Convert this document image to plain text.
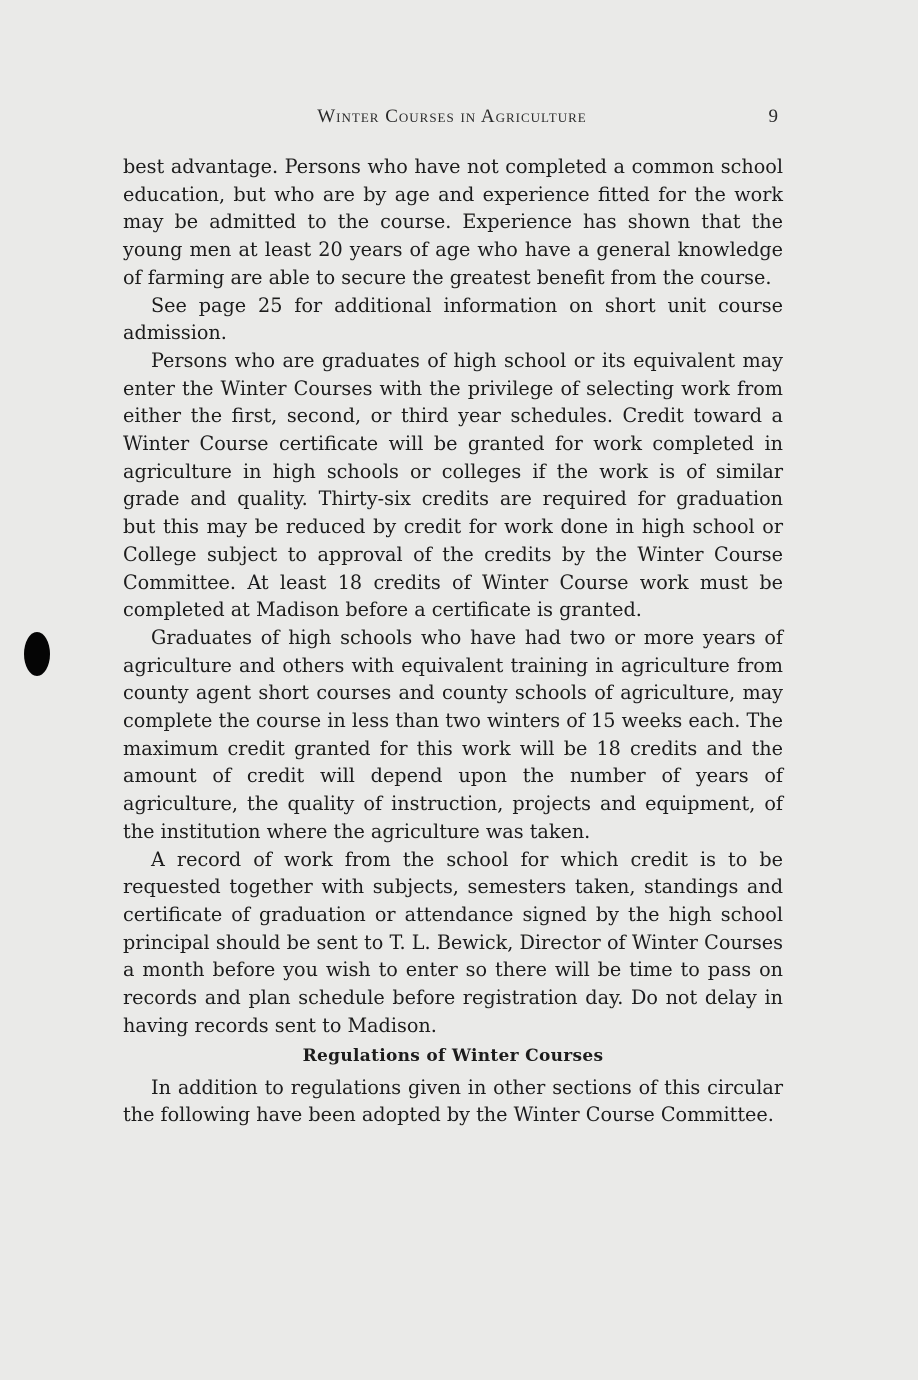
Winter Courses in Agriculture	9

best advantage. Persons who have not completed a common school education, but who are by age and experience fitted for the work may be admitted to the course. Experience has shown that the young men at least 20 years of age who have a general knowledge of farming are able to secure the greatest benefit from the course.

See page 25 for additional information on short unit course admission.

Persons who are graduates of high school or its equivalent may enter the Winter Courses with the privilege of selecting work from either the first, second, or third year schedules. Credit toward a Winter Course certificate will be granted for work completed in agriculture in high schools or colleges if the work is of similar grade and quality. Thirty-six credits are required for graduation but this may be reduced by credit for work done in high school or College subject to approval of the credits by the Winter Course Committee. At least 18 credits of Winter Course work must be completed at Madison before a certificate is granted.

Graduates of high schools who have had two or more years of agriculture and others with equivalent training in agriculture from county agent short courses and county schools of agriculture, may complete the course in less than two winters of 15 weeks each. The maximum credit granted for this work will be 18 credits and the amount of credit will depend upon the number of years of agriculture, the quality of instruction, projects and equipment, of the institution where the agriculture was taken.

A record of work from the school for which credit is to be requested together with subjects, semesters taken, standings and certificate of graduation or attendance signed by the high school principal should be sent to T. L. Bewick, Director of Winter Courses a month before you wish to enter so there will be time to pass on records and plan schedule before registration day. Do not delay in having records sent to Madison.

Regulations of Winter Courses

In addition to regulations given in other sections of this circular the following have been adopted by the Winter Course Committee.
